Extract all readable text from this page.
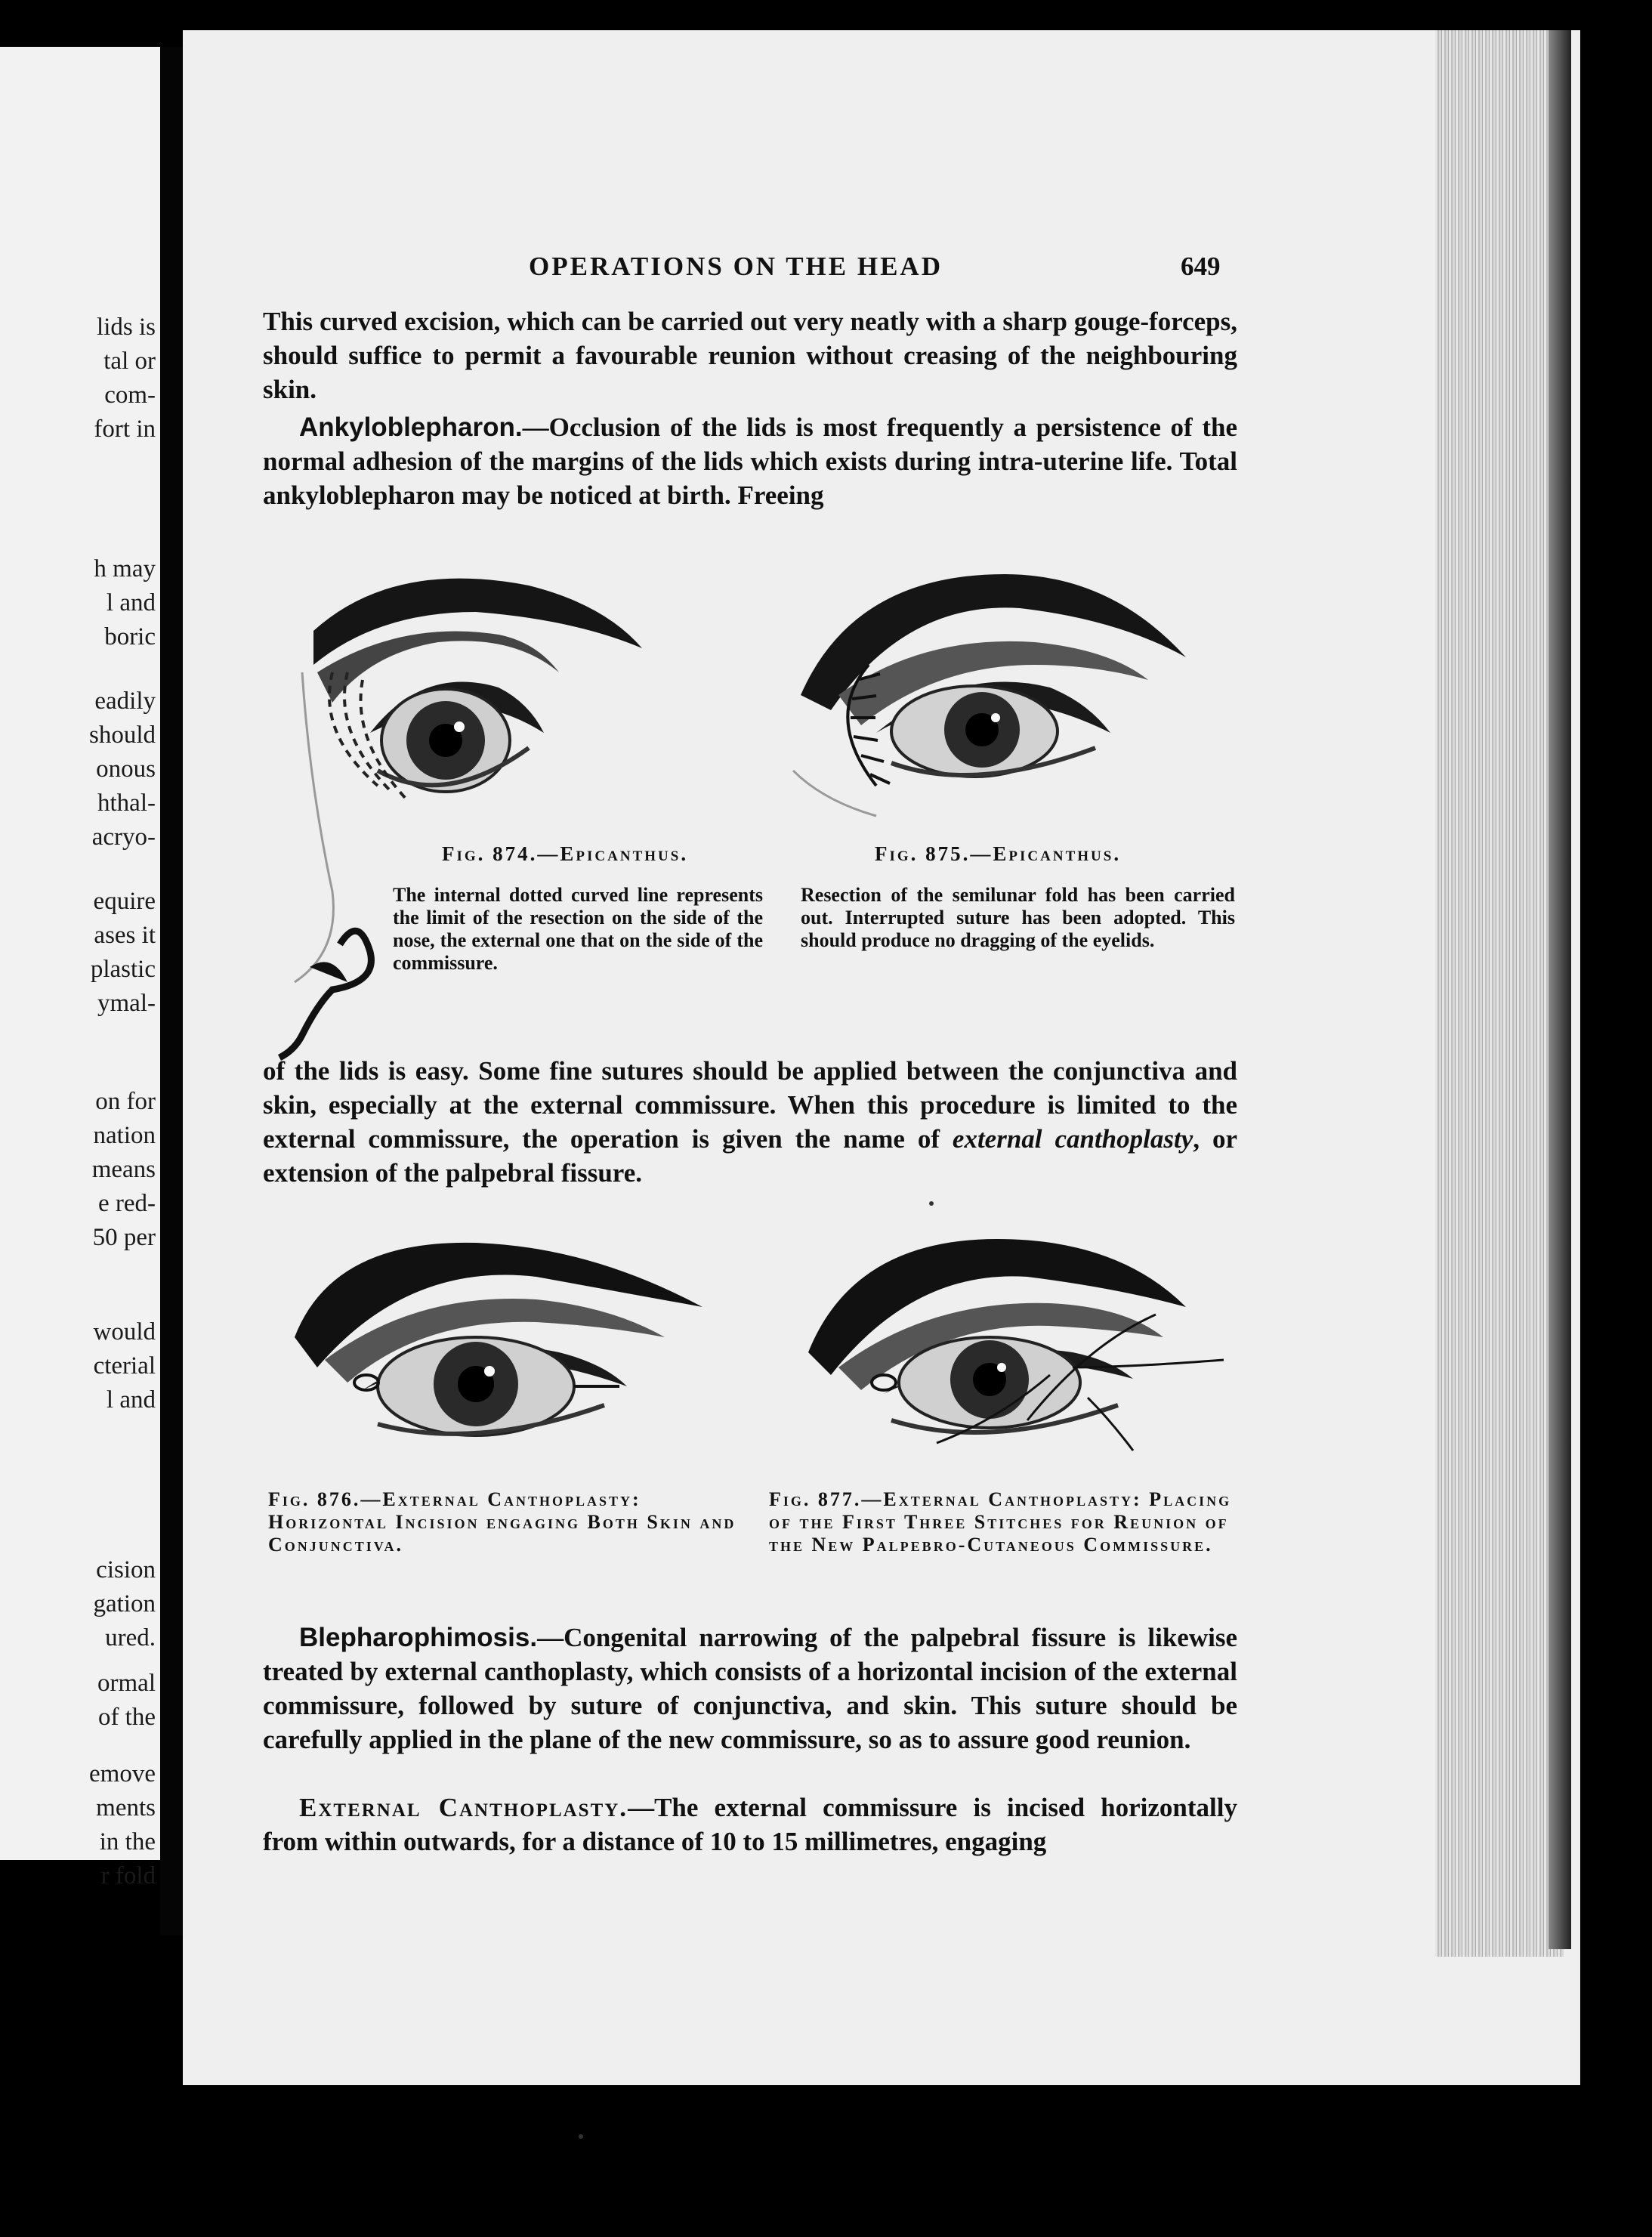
lids is
tal or
com-
fort in
h may
l and
boric
eadily
should
onous
hthal-
acryo-
equire
ases it
plastic
ymal-
on for
nation
means
e red-
50 per
would
cterial
l and
cision
gation
ured.
ormal
of the
emove
ments
in the
r fold
OPERATIONS ON THE HEAD	649
This curved excision, which can be carried out very neatly with a sharp gouge-forceps, should suffice to permit a favourable reunion without creasing of the neighbouring skin.
Ankyloblepharon.—Occlusion of the lids is most frequently a persistence of the normal adhesion of the margins of the lids which exists during intra-uterine life. Total ankyloblepharon may be noticed at birth. Freeing
Fig. 874.—Epicanthus.
The internal dotted curved line represents the limit of the resection on the side of the nose, the external one that on the side of the commissure.
Fig. 875.—Epicanthus.
Resection of the semilunar fold has been carried out. Interrupted suture has been adopted. This should produce no dragging of the eyelids.
of the lids is easy. Some fine sutures should be applied between the conjunctiva and skin, especially at the external commissure. When this procedure is limited to the external commissure, the operation is given the name of external canthoplasty, or extension of the palpebral fissure.
Fig. 876.—External Canthoplasty: Horizontal Incision engaging Both Skin and Conjunctiva.
Fig. 877.—External Canthoplasty: Placing of the First Three Stitches for Reunion of the New Palpebro-Cutaneous Commissure.
Blepharophimosis.—Congenital narrowing of the palpebral fissure is likewise treated by external canthoplasty, which consists of a horizontal incision of the external commissure, followed by suture of conjunctiva, and skin. This suture should be carefully applied in the plane of the new commissure, so as to assure good reunion.
External Canthoplasty.—The external commissure is incised horizontally from within outwards, for a distance of 10 to 15 millimetres, engaging
